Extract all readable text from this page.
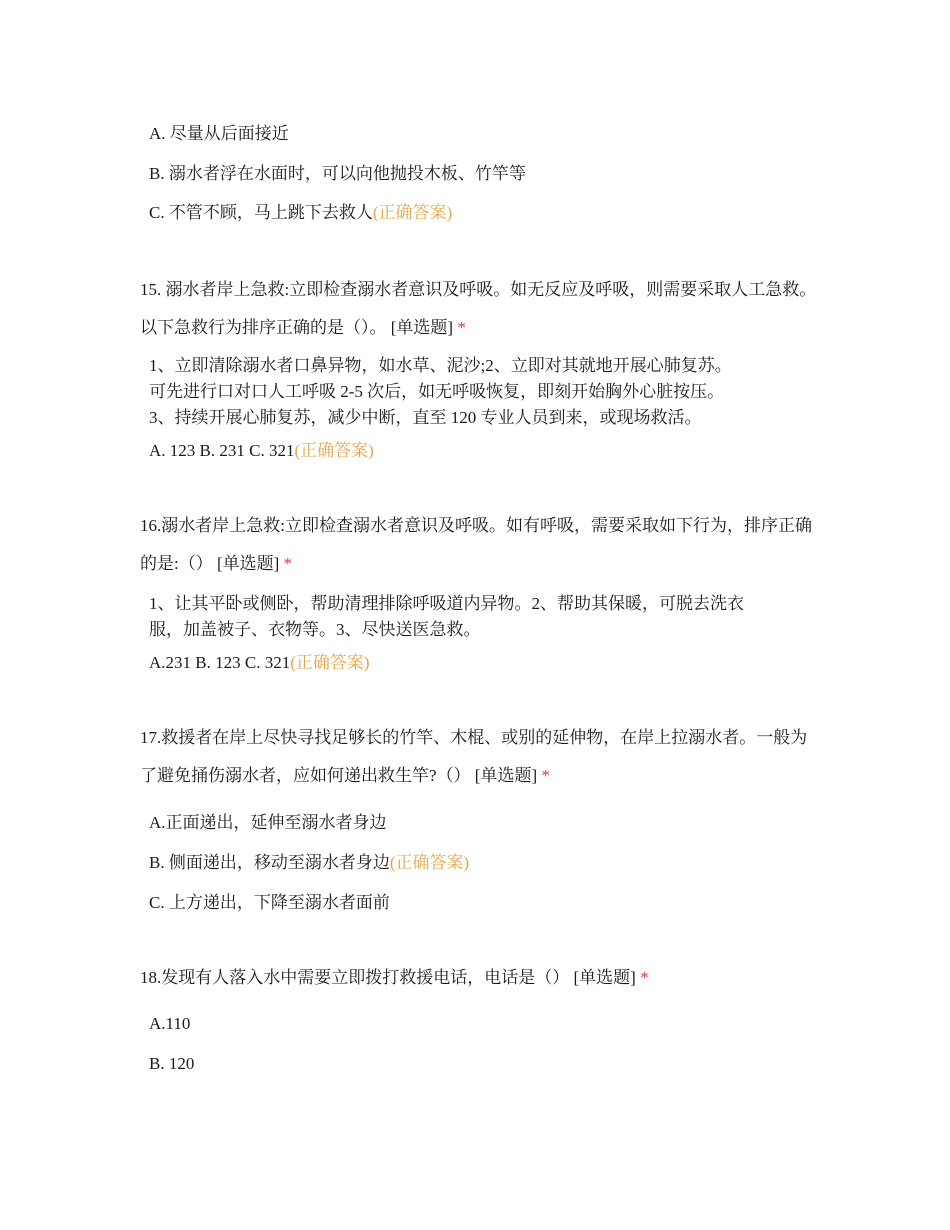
A. 尽量从后面接近
B. 溺水者浮在水面时，可以向他抛投木板、竹竿等
C. 不管不顾，马上跳下去救人(正确答案)
15. 溺水者岸上急救:立即检查溺水者意识及呼吸。如无反应及呼吸，则需要采取人工急救。以下急救行为排序正确的是（）。 [单选题] *
1、立即清除溺水者口鼻异物，如水草、泥沙;2、立即对其就地开展心肺复苏。
可先进行口对口人工呼吸 2-5 次后，如无呼吸恢复，即刻开始胸外心脏按压。
3、持续开展心肺复苏，减少中断，直至 120 专业人员到来，或现场救活。
A. 123 B. 231 C. 321(正确答案)
16.溺水者岸上急救:立即检查溺水者意识及呼吸。如有呼吸，需要采取如下行为，排序正确的是:（） [单选题] *
1、让其平卧或侧卧，帮助清理排除呼吸道内异物。2、帮助其保暖，可脱去洗衣
服，加盖被子、衣物等。3、尽快送医急救。
A.231 B. 123 C. 321(正确答案)
17.救援者在岸上尽快寻找足够长的竹竿、木棍、或别的延伸物，在岸上拉溺水者。一般为了避免捅伤溺水者，应如何递出救生竿?（） [单选题] *
A.正面递出，延伸至溺水者身边
B. 侧面递出，移动至溺水者身边(正确答案)
C. 上方递出，下降至溺水者面前
18.发现有人落入水中需要立即拨打救援电话，电话是（） [单选题] *
A.110
B. 120
